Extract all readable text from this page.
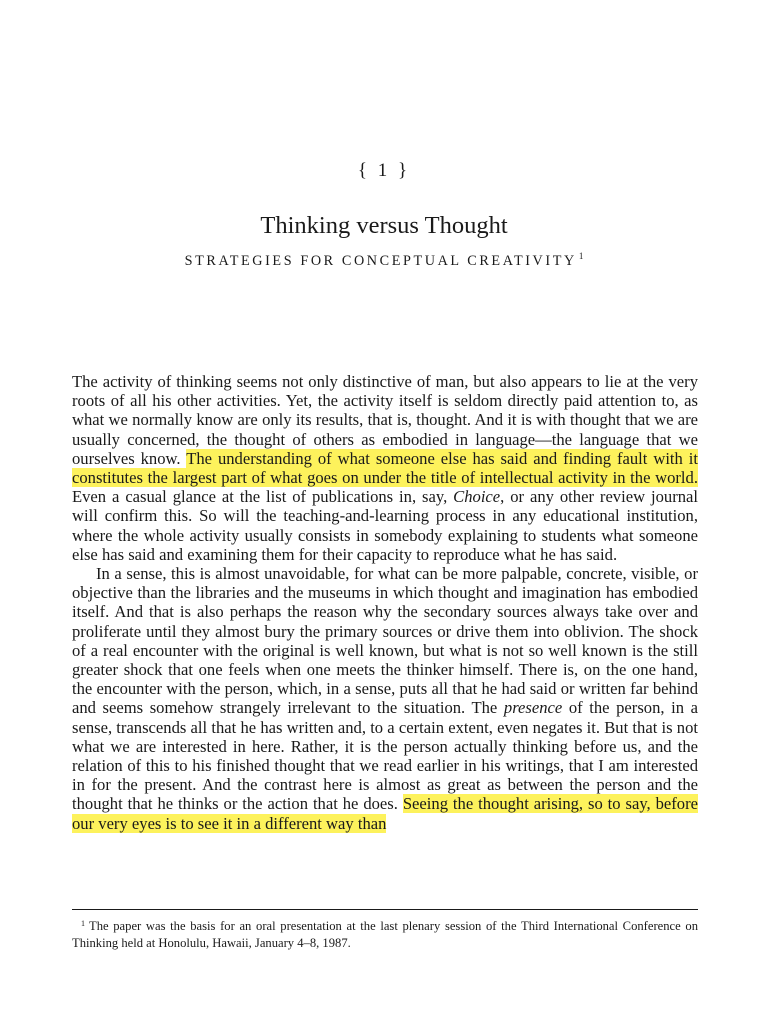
{ 1 }
Thinking versus Thought
STRATEGIES FOR CONCEPTUAL CREATIVITY $^1$

The activity of thinking seems not only distinctive of man, but also appears to lie at the very roots of all his other activities. Yet, the activity itself is seldom directly paid attention to, as what we normally know are only its results, that is, thought. And it is with thought that we are usually concerned, the thought of others as embodied in language—the language that we ourselves know. The understanding of what someone else has said and finding fault with it constitutes the largest part of what goes on under the title of intellectual activity in the world. Even a casual glance at the list of publications in, say, Choice, or any other review journal will confirm this. So will the teaching-and-learning process in any educational institution, where the whole activity usually consists in somebody explaining to students what someone else has said and examining them for their capacity to reproduce what he has said.

In a sense, this is almost unavoidable, for what can be more palpable, concrete, visible, or objective than the libraries and the museums in which thought and imagination has embodied itself. And that is also perhaps the reason why the secondary sources always take over and proliferate until they almost bury the primary sources or drive them into oblivion. The shock of a real encounter with the original is well known, but what is not so well known is the still greater shock that one feels when one meets the thinker himself. There is, on the one hand, the encounter with the person, which, in a sense, puts all that he had said or written far behind and seems somehow strangely irrelevant to the situation. The presence of the person, in a sense, transcends all that he has written and, to a certain extent, even negates it. But that is not what we are interested in here. Rather, it is the person actually thinking before us, and the relation of this to his finished thought that we read earlier in his writings, that I am interested in for the present. And the contrast here is almost as great as between the person and the thought that he thinks or the action that he does. Seeing the thought arising, so to say, before our very eyes is to see it in a different way than

$^1$ The paper was the basis for an oral presentation at the last plenary session of the Third International Conference on Thinking held at Honolulu, Hawaii, January 4–8, 1987.
